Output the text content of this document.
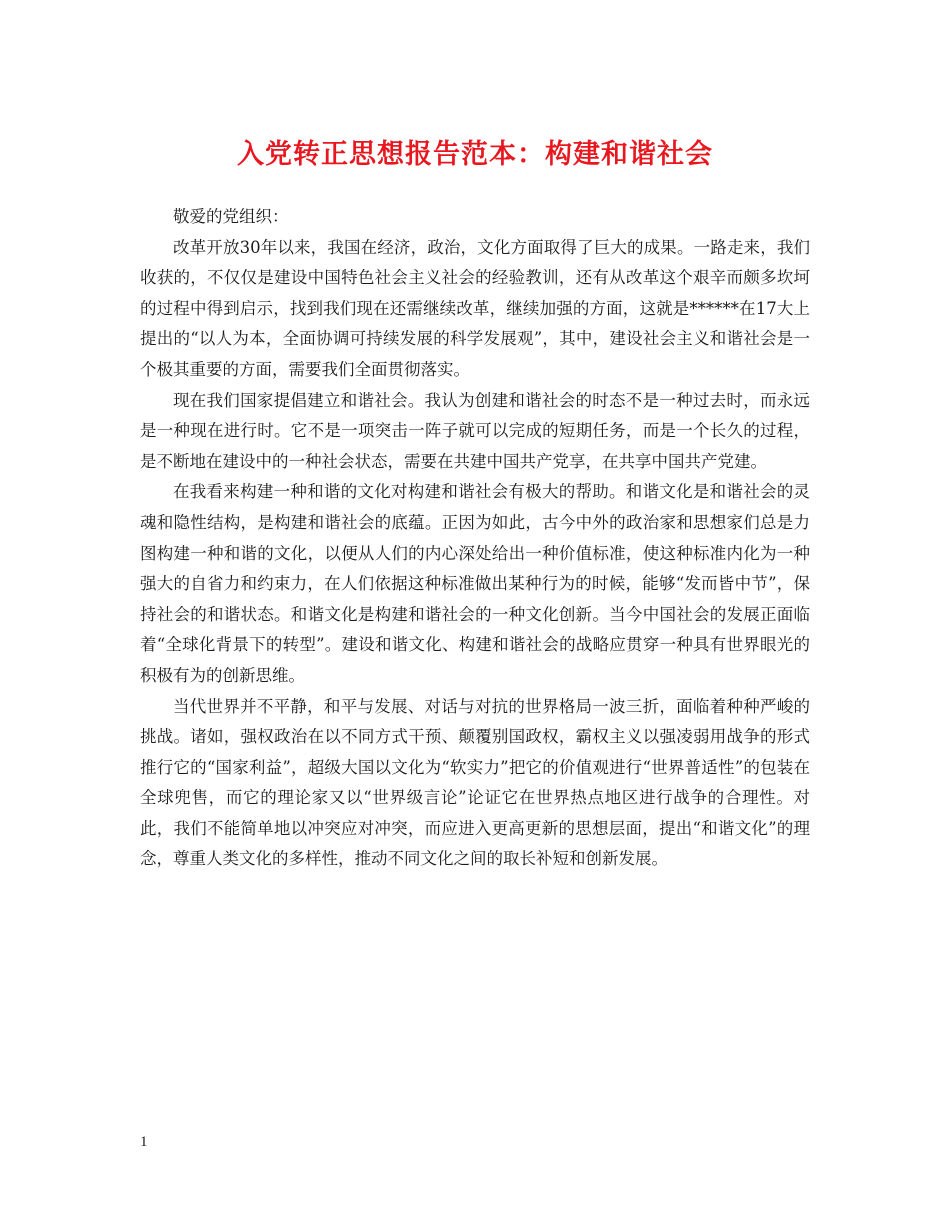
入党转正思想报告范本：构建和谐社会

敬爱的党组织：

改革开放30年以来，我国在经济，政治，文化方面取得了巨大的成果。一路走来，我们收获的，不仅仅是建设中国特色社会主义社会的经验教训，还有从改革这个艰辛而颇多坎坷的过程中得到启示，找到我们现在还需继续改革，继续加强的方面，这就是******在17大上提出的“以人为本，全面协调可持续发展的科学发展观”，其中，建设社会主义和谐社会是一个极其重要的方面，需要我们全面贯彻落实。

现在我们国家提倡建立和谐社会。我认为创建和谐社会的时态不是一种过去时，而永远是一种现在进行时。它不是一项突击一阵子就可以完成的短期任务，而是一个长久的过程，是不断地在建设中的一种社会状态，需要在共建中国共产党享，在共享中国共产党建。

在我看来构建一种和谐的文化对构建和谐社会有极大的帮助。和谐文化是和谐社会的灵魂和隐性结构，是构建和谐社会的底蕴。正因为如此，古今中外的政治家和思想家们总是力图构建一种和谐的文化，以便从人们的内心深处给出一种价值标准，使这种标准内化为一种强大的自省力和约束力，在人们依据这种标准做出某种行为的时候，能够“发而皆中节”，保持社会的和谐状态。和谐文化是构建和谐社会的一种文化创新。当今中国社会的发展正面临着“全球化背景下的转型”。建设和谐文化、构建和谐社会的战略应贯穿一种具有世界眼光的积极有为的创新思维。

当代世界并不平静，和平与发展、对话与对抗的世界格局一波三折，面临着种种严峻的挑战。诸如，强权政治在以不同方式干预、颠覆别国政权，霸权主义以强凌弱用战争的形式推行它的“国家利益”，超级大国以文化为“软实力”把它的价值观进行“世界普适性”的包装在全球兜售，而它的理论家又以“世界级言论”论证它在世界热点地区进行战争的合理性。对此，我们不能简单地以冲突应对冲突，而应进入更高更新的思想层面，提出“和谐文化”的理念，尊重人类文化的多样性，推动不同文化之间的取长补短和创新发展。

1
